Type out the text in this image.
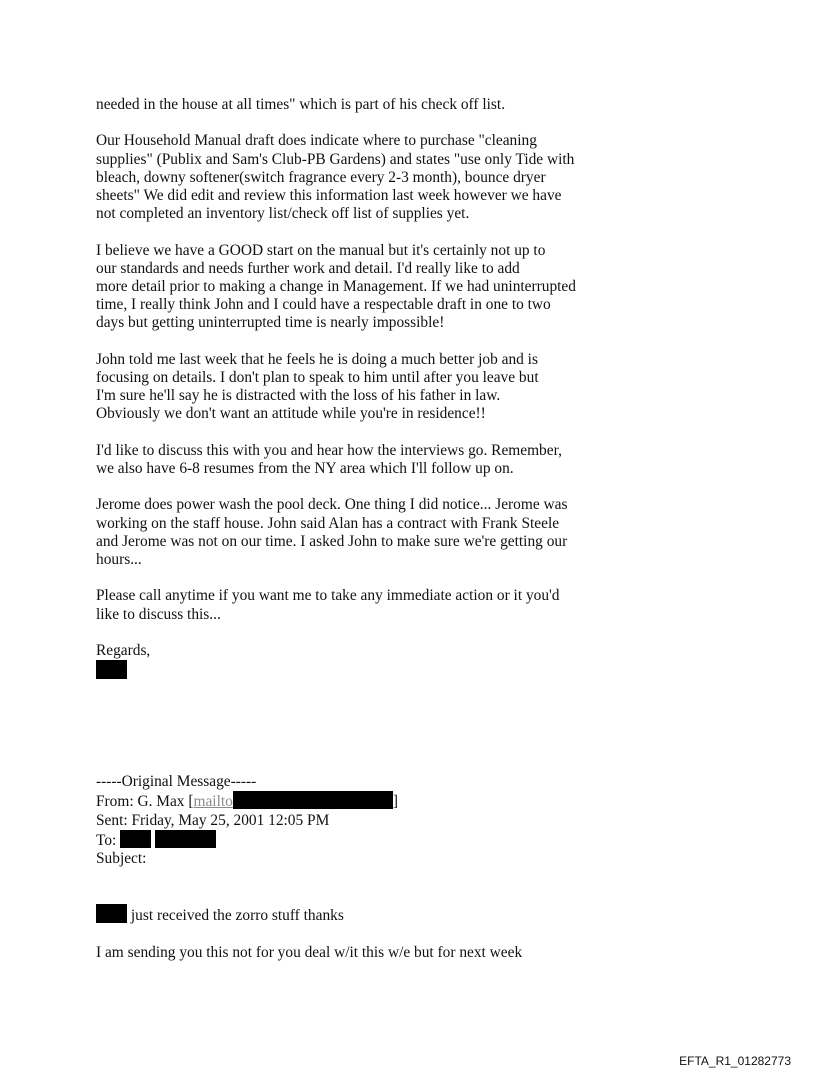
needed in the house at all times" which is part of his check off list.
Our Household Manual draft does indicate where to purchase "cleaning
supplies" (Publix and Sam's Club-PB Gardens) and states "use only Tide with
bleach, downy softener(switch fragrance every 2-3 month), bounce dryer
sheets" We did edit and review this information last week however we have
not completed an inventory list/check off list of supplies yet.
I believe we have a GOOD start on the manual but it's certainly not up to
our standards and needs further work and detail. I'd really like to add
more detail prior to making a change in Management. If we had uninterrupted
time, I really think John and I could have a respectable draft in one to two
days but getting uninterrupted time is nearly impossible!
John told me last week that he feels he is doing a much better job and is
focusing on details. I don't plan to speak to him until after you leave but
I'm sure he'll say he is distracted with the loss of his father in law.
Obviously we don't want an attitude while you're in residence!!
I'd like to discuss this with you and hear how the interviews go. Remember,
we also have 6-8 resumes from the NY area which I'll follow up on.
Jerome does power wash the pool deck. One thing I did notice... Jerome was
working on the staff house. John said Alan has a contract with Frank Steele
and Jerome was not on our time. I asked John to make sure we're getting our
hours...
Please call anytime if you want me to take any immediate action or it you'd
like to discuss this...
Regards,
-----Original Message-----
From: G. Max [mailto	]
Sent: Friday, May 25, 2001 12:05 PM
To:
Subject:
just received the zorro stuff thanks
I am sending you this not for you deal w/it this w/e but for next week
EFTA_R1_01282773
